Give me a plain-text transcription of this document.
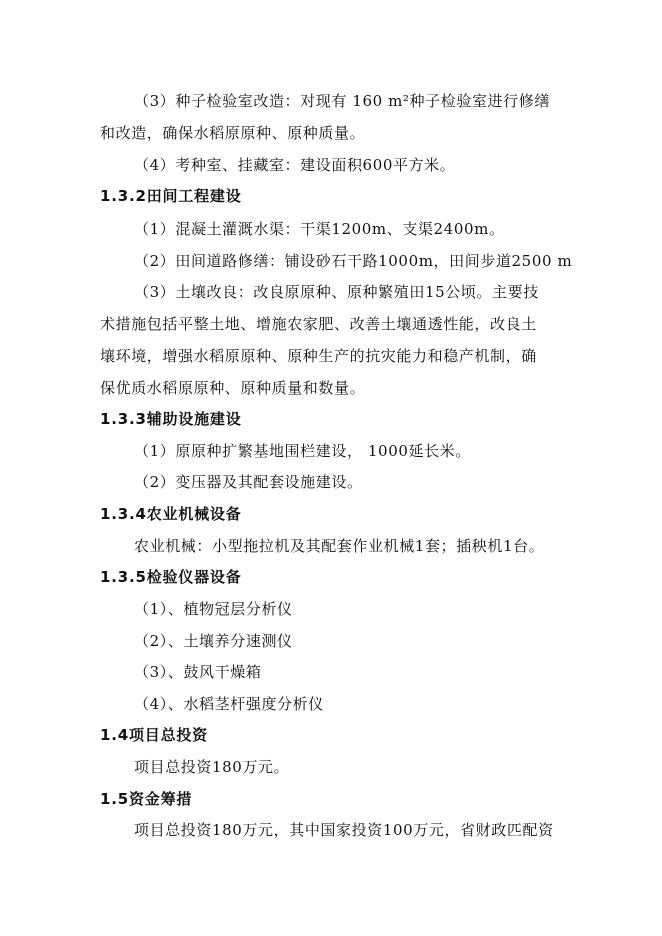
（3）种子检验室改造：对现有 160 m²种子检验室进行修缮
和改造，确保水稻原原种、原种质量。
（4）考种室、挂藏室：建设面积600平方米。
1.3.2田间工程建设
（1）混凝土灌溉水渠：干渠1200m、支渠2400m。
（2）田间道路修缮：铺设砂石干路1000m，田间步道2500 m
（3）土壤改良：改良原原种、原种繁殖田15公顷。主要技
术措施包括平整土地、增施农家肥、改善土壤通透性能，改良土
壤环境，增强水稻原原种、原种生产的抗灾能力和稳产机制，确
保优质水稻原原种、原种质量和数量。
1.3.3辅助设施建设
（1）原原种扩繁基地围栏建设， 1000延长米。
（2）变压器及其配套设施建设。
1.3.4农业机械设备
农业机械：小型拖拉机及其配套作业机械1套；插秧机1台。
1.3.5检验仪器设备
（1）、植物冠层分析仪
（2）、土壤养分速测仪
（3）、鼓风干燥箱
（4）、水稻茎杆强度分析仪
1.4项目总投资
项目总投资180万元。
1.5资金筹措
项目总投资180万元，其中国家投资100万元，省财政匹配资
